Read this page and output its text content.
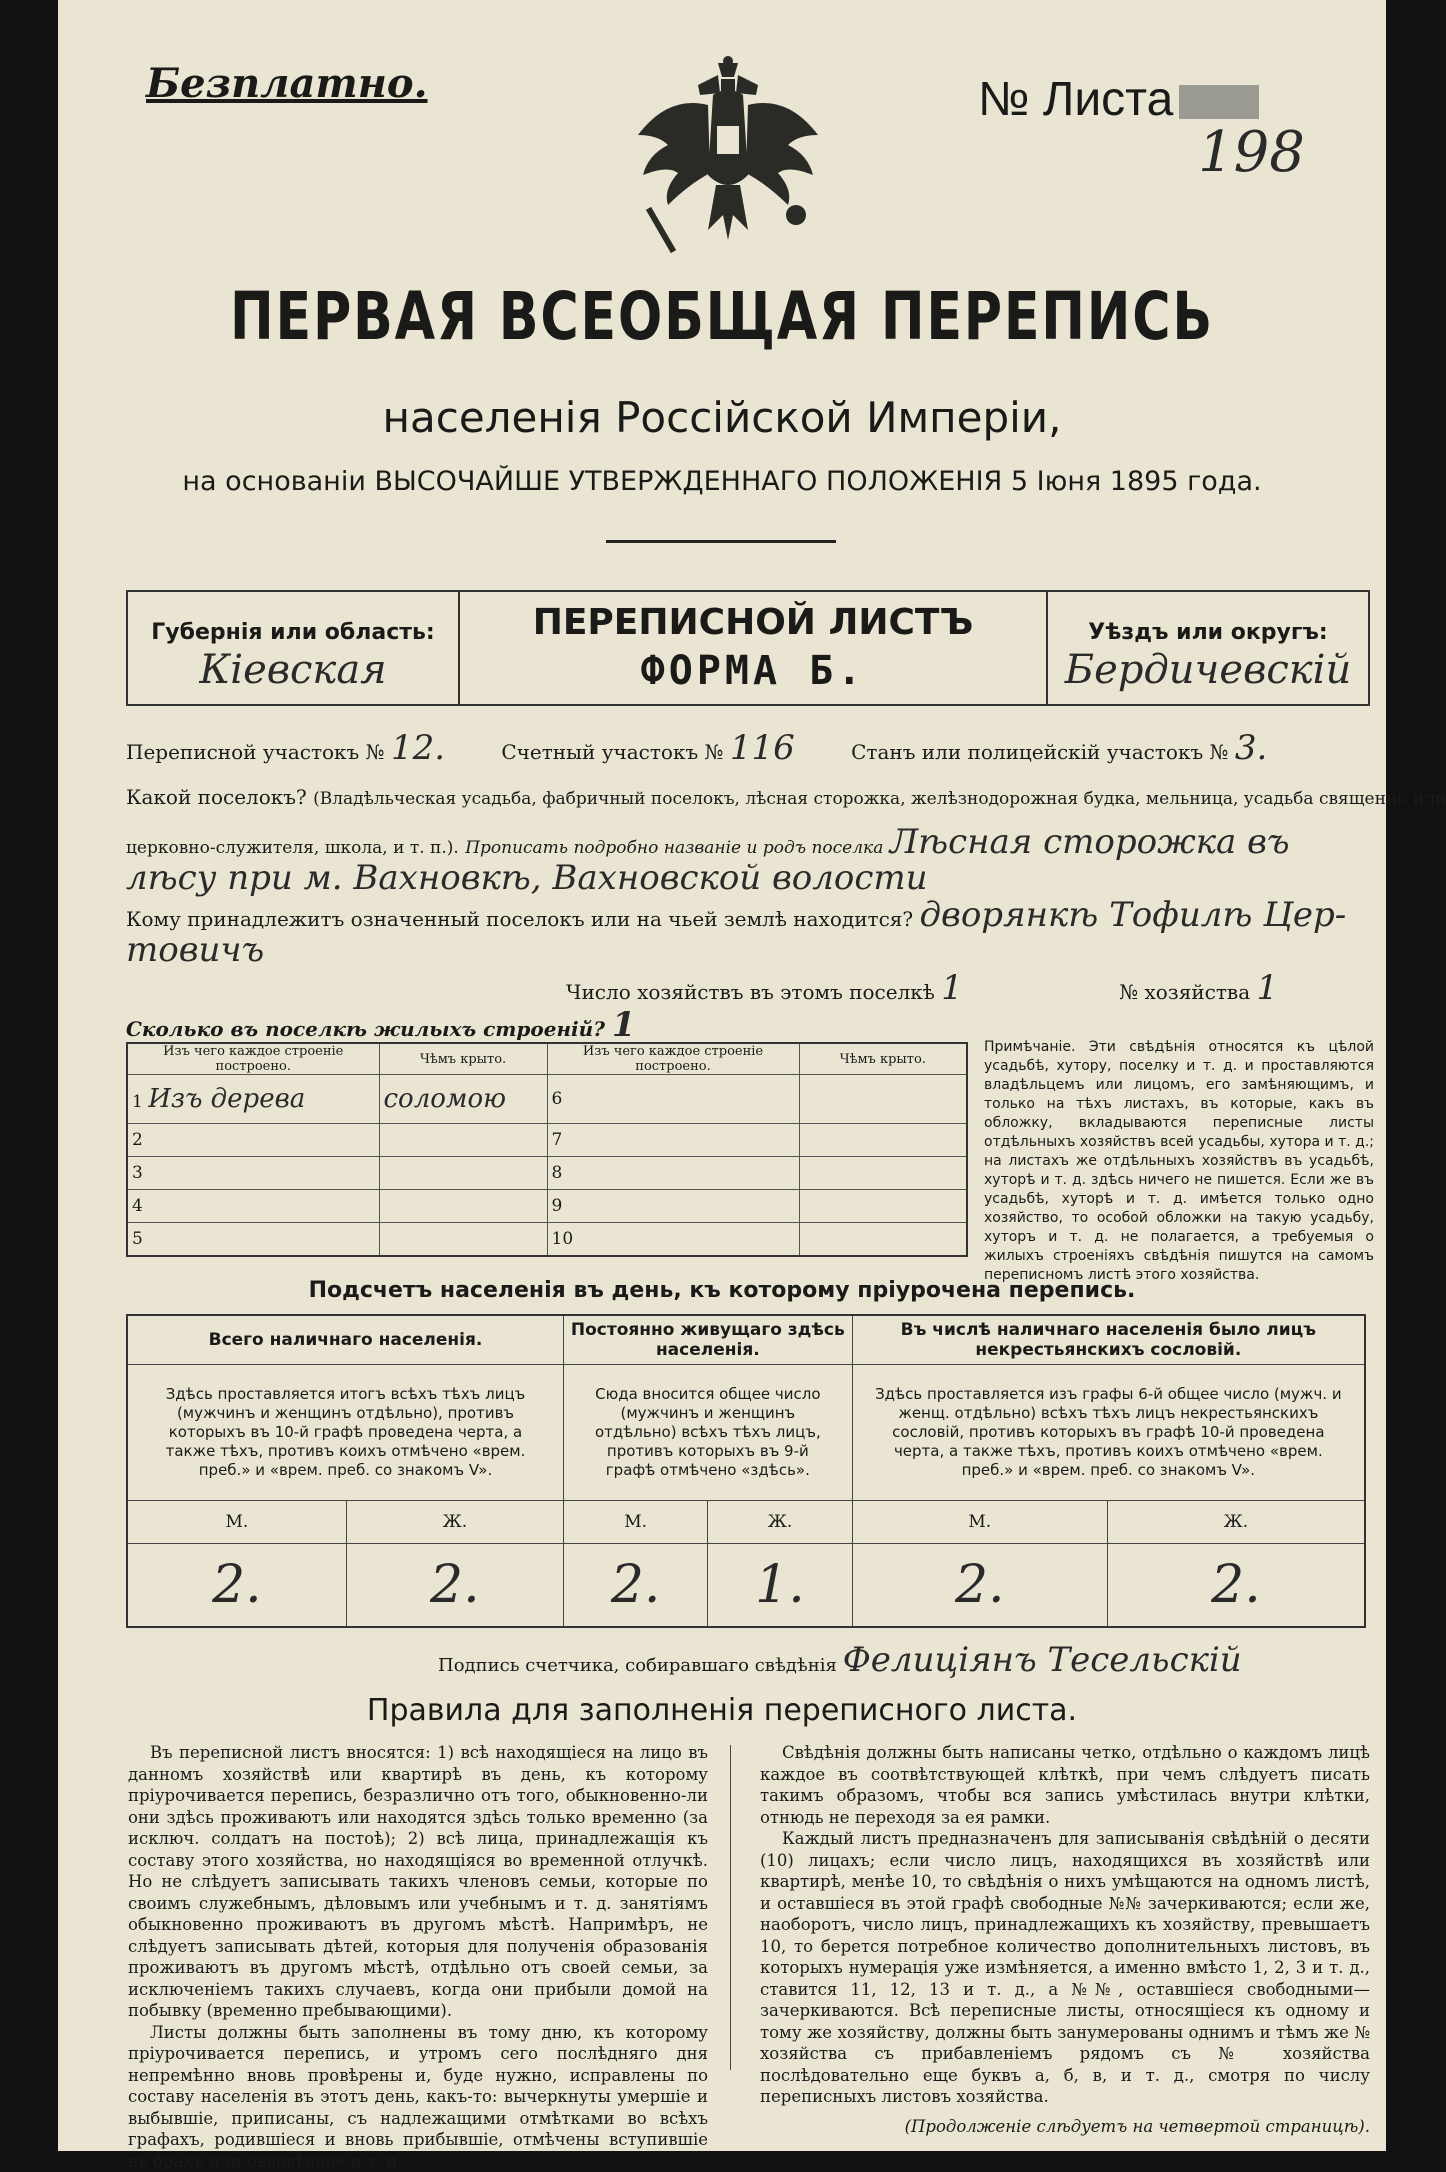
Безплатно.	№ Листа
198
ПЕРВАЯ ВСЕОБЩАЯ ПЕРЕПИСЬ
населенія Россійской Имперіи,
на основаніи ВЫСОЧАЙШЕ УТВЕРЖДЕННАГО ПОЛОЖЕНІЯ 5 Іюня 1895 года.
Губернія или область:
Кіевская
ПЕРЕПИСНОЙ ЛИСТЪ
ФОРМА Б.
Уѣздъ или округъ:
Бердичевскій
Переписной участокъ № 12.	Счетный участокъ № 116	Станъ или полицейскій участокъ № 3.
Какой поселокъ? (Владѣльческая усадьба, фабричный поселокъ, лѣсная сторожка, желѣзнодорожная будка, мельница, усадьба священно или
церковно-служителя, школа, и т. п.). Прописать подробно названіе и родъ поселка Лѣсная сторожка въ
лѣсу при м. Вахновкѣ, Вахновской волости
Кому принадлежитъ означенный поселокъ или на чьей землѣ находится? дворянкѣ Тофилѣ Цер-
товичъ
Число хозяйствъ въ этомъ поселкѣ 1	№ хозяйства 1
Сколько въ поселкѣ жилыхъ строеній? 1
Изъ чего каждое строеніе построено.	Чѣмъ крыто.	Изъ чего каждое строеніе построено.	Чѣмъ крыто.
1 Изъ дерева	соломою	6	
2		7	
3		8	
4		9	
5		10	
Примѣчаніе. Эти свѣдѣнія относятся къ цѣлой усадьбѣ, хутору, поселку и т. д. и проставляются владѣльцемъ или лицомъ, его замѣняющимъ, и только на тѣхъ листахъ, въ которые, какъ въ обложку, вкладываются переписные листы отдѣльныхъ хозяйствъ всей усадьбы, хутора и т. д.; на листахъ же отдѣльныхъ хозяйствъ въ усадьбѣ, хуторѣ и т. д. здѣсь ничего не пишется. Если же въ усадьбѣ, хуторѣ и т. д. имѣется только одно хозяйство, то особой обложки на такую усадьбу, хуторъ и т. д. не полагается, а требуемыя о жилыхъ строеніяхъ свѣдѣнія пишутся на самомъ переписномъ листѣ этого хозяйства.
Подсчетъ населенія въ день, къ которому пріурочена перепись.
Всего наличнаго населенія.		Постоянно живущаго здѣсь населенія.		Въ числѣ наличнаго населенія было лицъ некрестьянскихъ сословій.	
Здѣсь проставляется итогъ всѣхъ тѣхъ лицъ (мужчинъ и женщинъ отдѣльно), противъ которыхъ въ 10-й графѣ проведена черта, а также тѣхъ, противъ коихъ отмѣчено «врем. преб.» и «врем. преб. со знакомъ V».		Сюда вносится общее число (мужчинъ и женщинъ отдѣльно) всѣхъ тѣхъ лицъ, противъ которыхъ въ 9-й графѣ отмѣчено «здѣсь».		Здѣсь проставляется изъ графы 6-й общее число (мужч. и женщ. отдѣльно) всѣхъ тѣхъ лицъ некрестьянскихъ сословій, противъ которыхъ въ графѣ 10-й проведена черта, а также тѣхъ, противъ коихъ отмѣчено «врем. преб.» и «врем. преб. со знакомъ V».	
М.	Ж.	М.	Ж.	М.	Ж.
2.	2.	2.	1.	2.	2.
Подпись счетчика, собиравшаго свѣдѣнія Фелиціянъ Тесельскій
Правила для заполненія переписного листа.

Въ переписной листъ вносятся: 1) всѣ находящіеся на лицо въ данномъ хозяйствѣ или квартирѣ въ день, къ которому пріурочивается перепись, безразлично отъ того, обыкновенно-ли они здѣсь проживаютъ или находятся здѣсь только временно (за исключ. солдатъ на постоѣ); 2) всѣ лица, принадлежащія къ составу этого хозяйства, но находящіяся во временной отлучкѣ. Но не слѣдуетъ записывать такихъ членовъ семьи, которые по своимъ служебнымъ, дѣловымъ или учебнымъ и т. д. занятіямъ обыкновенно проживаютъ въ другомъ мѣстѣ. Напримѣръ, не слѣдуетъ записывать дѣтей, которыя для полученія образованія проживаютъ въ другомъ мѣстѣ, отдѣльно отъ своей семьи, за исключеніемъ такихъ случаевъ, когда они прибыли домой на побывку (временно пребывающими).

Листы должны быть заполнены въ тому дню, къ которому пріурочивается перепись, и утромъ сего послѣдняго дня непремѣнно вновь провѣрены и, буде нужно, исправлены по составу населенія въ этотъ день, какъ-то: вычеркнуты умершіе и выбывшіе, приписаны, съ надлежащими отмѣтками во всѣхъ графахъ, родившіеся и вновь прибывшіе, отмѣчены вступившіе въ бракъ или овдовѣвшіе и т. д.

Свѣдѣнія должны быть написаны четко, отдѣльно о каждомъ лицѣ каждое въ соотвѣтствующей клѣткѣ, при чемъ слѣдуетъ писать такимъ образомъ, чтобы вся запись умѣстилась внутри клѣтки, отнюдь не переходя за ея рамки.

Каждый листъ предназначенъ для записыванія свѣдѣній о десяти (10) лицахъ; если число лицъ, находящихся въ хозяйствѣ или квартирѣ, менѣе 10, то свѣдѣнія о нихъ умѣщаются на одномъ листѣ, и оставшіеся въ этой графѣ свободные №№ зачеркиваются; если же, наоборотъ, число лицъ, принадлежащихъ къ хозяйству, превышаетъ 10, то берется потребное количество дополнительныхъ листовъ, въ которыхъ нумерація уже измѣняется, а именно вмѣсто 1, 2, 3 и т. д., ставится 11, 12, 13 и т. д., а №№, оставшіеся свободными—зачеркиваются. Всѣ переписные листы, относящіеся къ одному и тому же хозяйству, должны быть занумерованы однимъ и тѣмъ же № хозяйства съ прибавленіемъ рядомъ съ № хозяйства послѣдовательно еще буквъ а, б, в, и т. д., смотря по числу переписныхъ листовъ хозяйства.

(Продолженіе слѣдуетъ на четвертой страницѣ).
